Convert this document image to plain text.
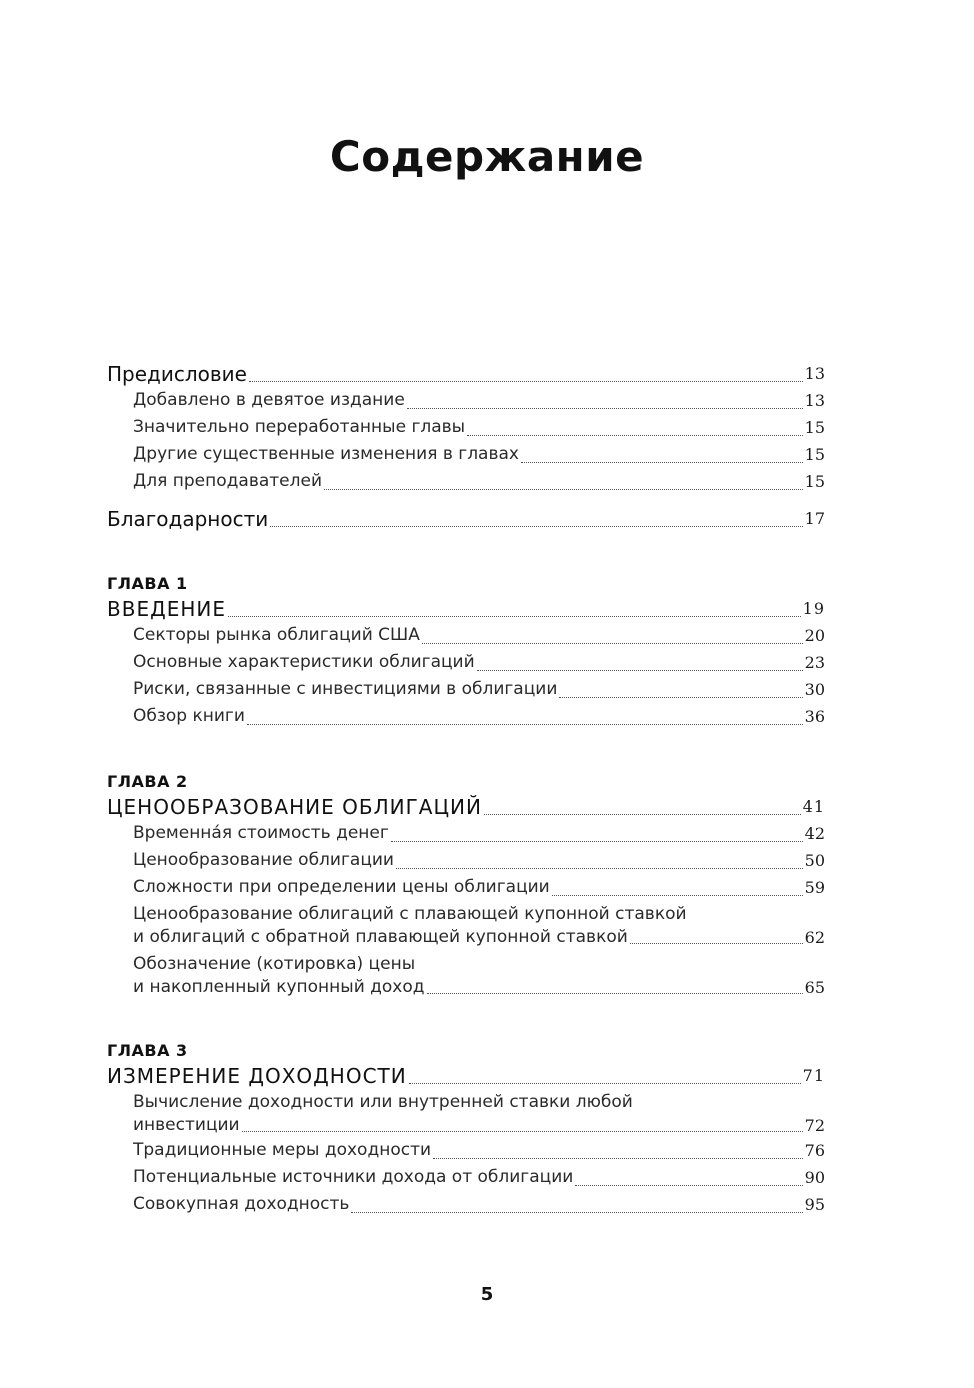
Содержание
Предисловие	13
Добавлено в девятое издание	13
Значительно переработанные главы	15
Другие существенные изменения в главах	15
Для преподавателей	15
Благодарности	17
ГЛАВА 1
ВВЕДЕНИЕ	19
Секторы рынка облигаций США	20
Основные характеристики облигаций	23
Риски, связанные с инвестициями в облигации	30
Обзор книги	36
ГЛАВА 2
ЦЕНООБРАЗОВАНИЕ ОБЛИГАЦИЙ	41
Временна́я стоимость денег	42
Ценообразование облигации	50
Сложности при определении цены облигации	59
Ценообразование облигаций с плавающей купонной ставкой
и облигаций с обратной плавающей купонной ставкой	62
Обозначение (котировка) цены
и накопленный купонный доход	65
ГЛАВА 3
ИЗМЕРЕНИЕ ДОХОДНОСТИ	71
Вычисление доходности или внутренней ставки любой
инвестиции	72
Традиционные меры доходности	76
Потенциальные источники дохода от облигации	90
Совокупная доходность	95
5
